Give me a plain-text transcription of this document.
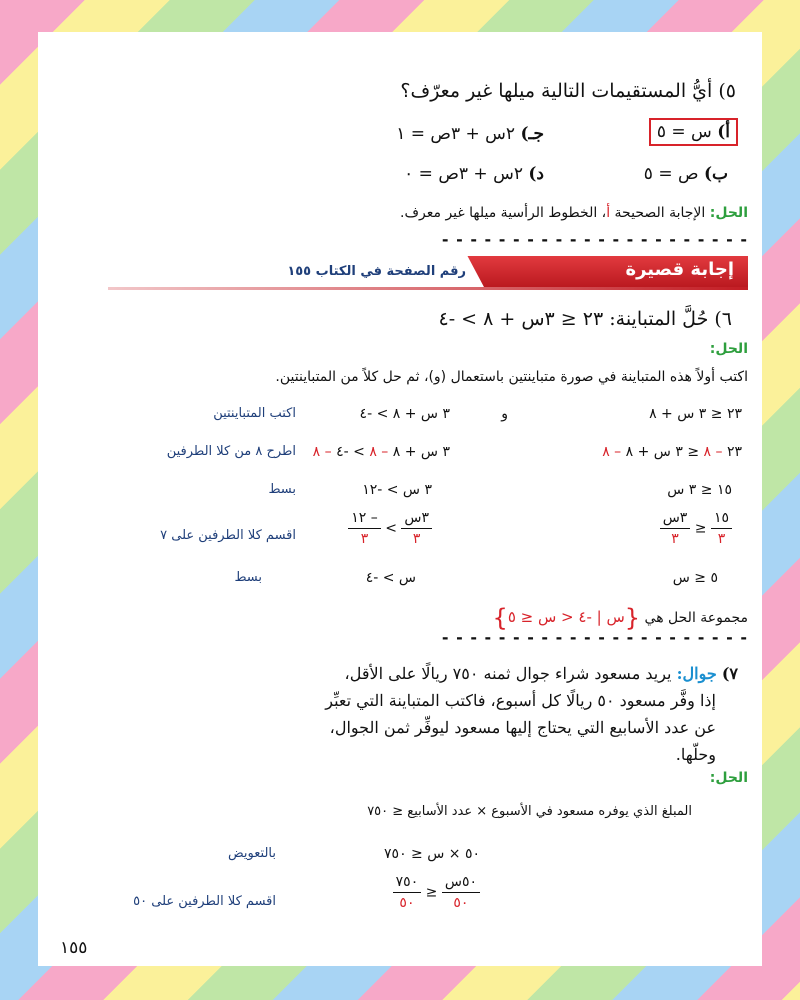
٥) أيُّ المستقيمات التالية ميلها غير معرّف؟
أ) س = ٥
جـ) ٢س + ٣ص = ١
ب) ص = ٥
د) ٢س + ٣ص = ٠
الحل: الإجابة الصحيحة أ، الخطوط الرأسية ميلها غير معرف.
- - - - - - - - - - - - - - - - - - - - - -
إجابة قصيرة
رقم الصفحة في الكتاب ١٥٥
٦) حُلَّ المتباينة: ٢٣ ≤ ٣س + ٨ > -٤
الحل:
اكتب أولاً هذه المتباينة في صورة متباينتين باستعمال (و)، ثم حل كلاً من المتباينتين.
٢٣ ≤ ٣ س + ٨
و
٣ س + ٨ > -٤
اكتب المتباينتين
٢٣ – ٨ ≤ ٣ س + ٨ – ٨
٣ س + ٨ – ٨ > -٤ – ٨
اطرح ٨ من كلا الطرفين
١٥ ≤ ٣ س
٣ س > -١٢
بسط
$\frac{١٥}{٣}$
≤
$\frac{\text{٣س}}{٣}$
$\frac{\text{٣س}}{٣}$
>
$\frac{- ١٢}{٣}$
اقسم كلا الطرفين على ٧
٥ ≤ س
س > -٤
بسط
مجموعة الحل هي {س | -٤ < س ≤ ٥}
- - - - - - - - - - - - - - - - - - - - - -
٧) جوال: يريد مسعود شراء جوال ثمنه ٧٥٠ ريالًا على الأقل،
إذا وفَّر مسعود ٥٠ ريالًا كل أسبوع، فاكتب المتباينة التي تعبِّر
عن عدد الأسابيع التي يحتاج إليها مسعود ليوفِّر ثمن الجوال،
وحلّها.
الحل:
المبلغ الذي يوفره مسعود في الأسبوع × عدد الأسابيع ≤ ٧٥٠
٥٠ × س ≤ ٧٥٠
بالتعويض
$\frac{\text{٥٠س}}{٥٠}$
≤
$\frac{٧٥٠}{٥٠}$
اقسم كلا الطرفين على ٥٠
١٥٥
